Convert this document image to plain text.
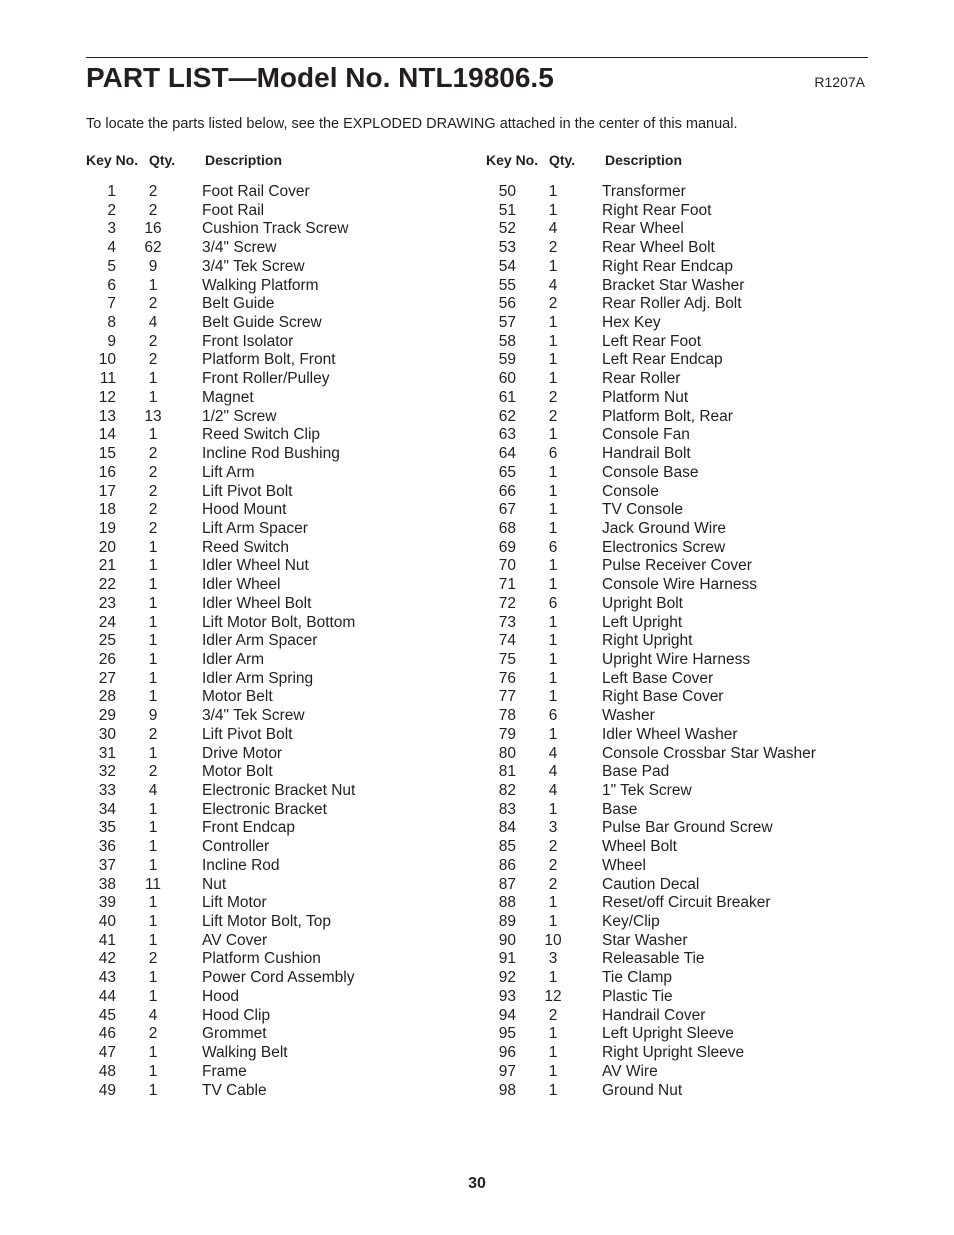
PART LIST—Model No. NTL19806.5	R1207A
To locate the parts listed below, see the EXPLODED DRAWING attached in the center of this manual.
Key No. Qty. Description
1	2	Foot Rail Cover
2	2	Foot Rail
3 16	Cushion Track Screw
4 62	3/4" Screw
5	9	3/4" Tek Screw
6	1	Walking Platform
7	2	Belt Guide
8	4	Belt Guide Screw
9	2	Front Isolator
10	2	Platform Bolt, Front
11	1	Front Roller/Pulley
12	1	Magnet
13 13	1/2" Screw
14	1	Reed Switch Clip
15	2	Incline Rod Bushing
16	2	Lift Arm
17	2	Lift Pivot Bolt
18	2	Hood Mount
19	2	Lift Arm Spacer
20	1	Reed Switch
21	1	Idler Wheel Nut
22	1	Idler Wheel
23	1	Idler Wheel Bolt
24	1	Lift Motor Bolt, Bottom
25	1	Idler Arm Spacer
26	1	Idler Arm
27	1	Idler Arm Spring
28	1	Motor Belt
29	9	3/4" Tek Screw
30	2	Lift Pivot Bolt
31	1	Drive Motor
32	2	Motor Bolt
33	4	Electronic Bracket Nut
34	1	Electronic Bracket
35	1	Front Endcap
36	1	Controller
37	1	Incline Rod
38 11	Nut
39	1	Lift Motor
40	1	Lift Motor Bolt, Top
41	1	AV Cover
42	2	Platform Cushion
43	1	Power Cord Assembly
44	1	Hood
45	4	Hood Clip
46	2	Grommet
47	1	Walking Belt
48	1	Frame
49	1	TV Cable
Key No. Qty. Description
50	1	Transformer
51	1	Right Rear Foot
52	4	Rear Wheel
53	2	Rear Wheel Bolt
54	1	Right Rear Endcap
55	4	Bracket Star Washer
56	2	Rear Roller Adj. Bolt
57	1	Hex Key
58	1	Left Rear Foot
59	1	Left Rear Endcap
60	1	Rear Roller
61	2	Platform Nut
62	2	Platform Bolt, Rear
63	1	Console Fan
64	6	Handrail Bolt
65	1	Console Base
66	1	Console
67	1	TV Console
68	1	Jack Ground Wire
69	6	Electronics Screw
70	1	Pulse Receiver Cover
71	1	Console Wire Harness
72	6	Upright Bolt
73	1	Left Upright
74	1	Right Upright
75	1	Upright Wire Harness
76	1	Left Base Cover
77	1	Right Base Cover
78	6	Washer
79	1	Idler Wheel Washer
80	4	Console Crossbar Star Washer
81	4	Base Pad
82	4	1" Tek Screw
83	1	Base
84	3	Pulse Bar Ground Screw
85	2	Wheel Bolt
86	2	Wheel
87	2	Caution Decal
88	1	Reset/off Circuit Breaker
89	1	Key/Clip
90 10	Star Washer
91	3	Releasable Tie
92	1	Tie Clamp
93 12	Plastic Tie
94	2	Handrail Cover
95	1	Left Upright Sleeve
96	1	Right Upright Sleeve
97	1	AV Wire
98	1	Ground Nut
30
